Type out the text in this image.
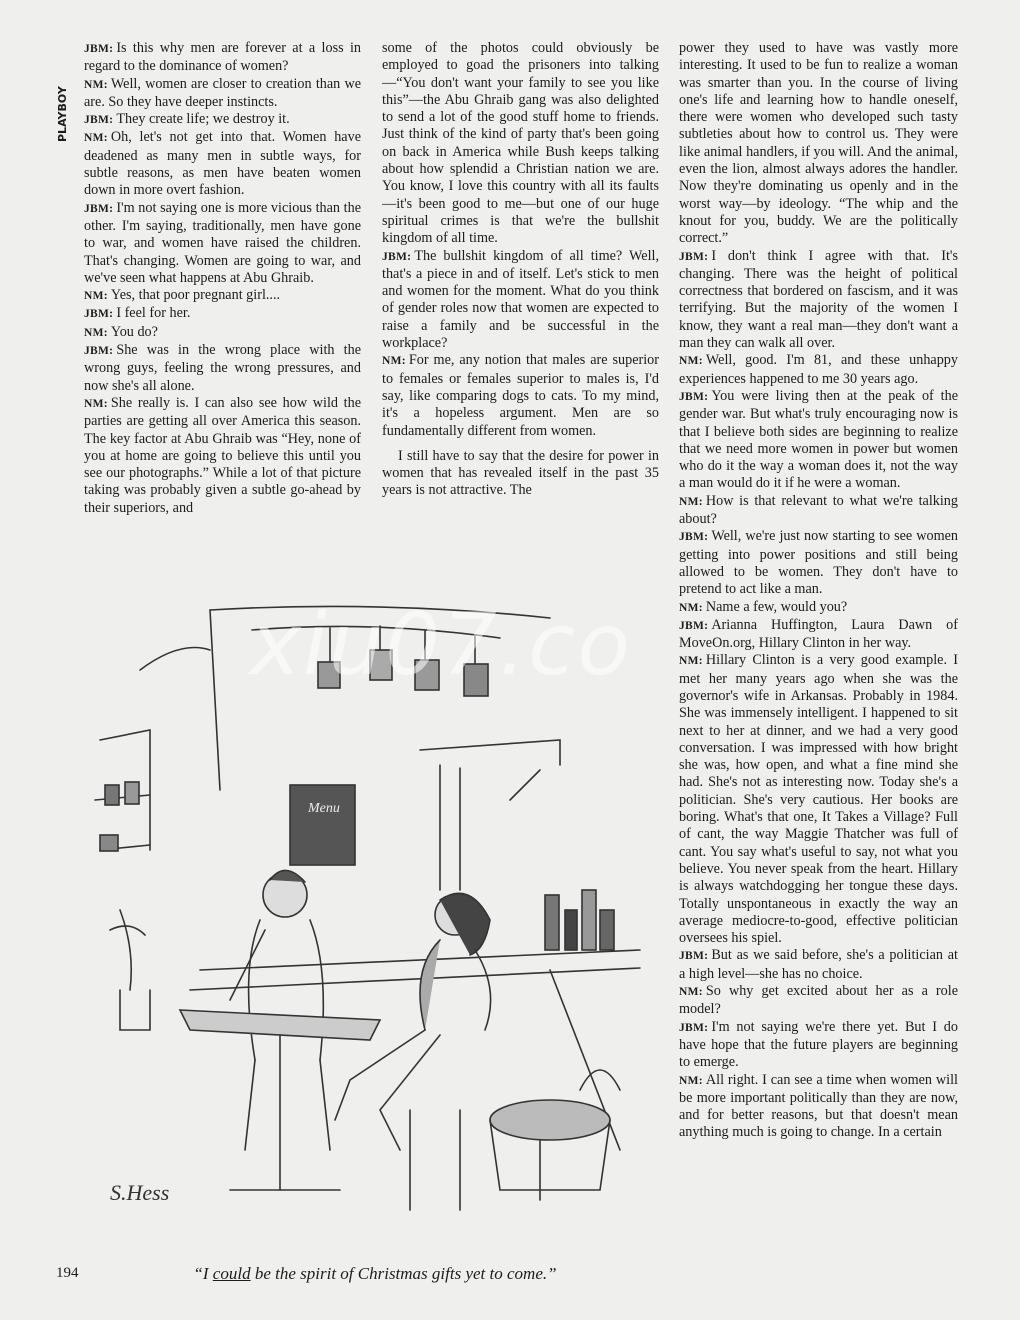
PLAYBOY

JBM: Is this why men are forever at a loss in regard to the dominance of women?

NM: Well, women are closer to creation than we are. So they have deeper instincts.

JBM: They create life; we destroy it.

NM: Oh, let's not get into that. Women have deadened as many men in subtle ways, for subtle reasons, as men have beaten women down in more overt fashion.

JBM: I'm not saying one is more vicious than the other. I'm saying, traditionally, men have gone to war, and women have raised the children. That's changing. Women are going to war, and we've seen what happens at Abu Ghraib.

NM: Yes, that poor pregnant girl....

JBM: I feel for her.

NM: You do?

JBM: She was in the wrong place with the wrong guys, feeling the wrong pressures, and now she's all alone.

NM: She really is. I can also see how wild the parties are getting all over America this season. The key factor at Abu Ghraib was “Hey, none of you at home are going to believe this until you see our photographs.” While a lot of that picture taking was probably given a subtle go-ahead by their superiors, and

some of the photos could obviously be employed to goad the prisoners into talking—“You don't want your family to see you like this”—the Abu Ghraib gang was also delighted to send a lot of the good stuff home to friends. Just think of the kind of party that's been going on back in America while Bush keeps talking about how splendid a Christian nation we are. You know, I love this country with all its faults—it's been good to me—but one of our huge spiritual crimes is that we're the bullshit kingdom of all time.

JBM: The bullshit kingdom of all time? Well, that's a piece in and of itself. Let's stick to men and women for the moment. What do you think of gender roles now that women are expected to raise a family and be successful in the workplace?

NM: For me, any notion that males are superior to females or females superior to males is, I'd say, like comparing dogs to cats. To my mind, it's a hopeless argument. Men are so fundamentally different from women.

I still have to say that the desire for power in women that has revealed itself in the past 35 years is not attractive. The

power they used to have was vastly more interesting. It used to be fun to realize a woman was smarter than you. In the course of living one's life and learning how to handle oneself, there were women who developed such tasty subtleties about how to control us. They were like animal handlers, if you will. And the animal, even the lion, almost always adores the handler. Now they're dominating us openly and in the worst way—by ideology. “The whip and the knout for you, buddy. We are the politically correct.”

JBM: I don't think I agree with that. It's changing. There was the height of political correctness that bordered on fascism, and it was terrifying. But the majority of the women I know, they want a real man—they don't want a man they can walk all over.

NM: Well, good. I'm 81, and these unhappy experiences happened to me 30 years ago.

JBM: You were living then at the peak of the gender war. But what's truly encouraging now is that I believe both sides are beginning to realize that we need more women in power but women who do it the way a woman does it, not the way a man would do it if he were a woman.

NM: How is that relevant to what we're talking about?

JBM: Well, we're just now starting to see women getting into power positions and still being allowed to be women. They don't have to pretend to act like a man.

NM: Name a few, would you?

JBM: Arianna Huffington, Laura Dawn of MoveOn.org, Hillary Clinton in her way.

NM: Hillary Clinton is a very good example. I met her many years ago when she was the governor's wife in Arkansas. Probably in 1984. She was immensely intelligent. I happened to sit next to her at dinner, and we had a very good conversation. I was impressed with how bright she was, how open, and what a fine mind she had. She's not as interesting now. Today she's a politician. She's very cautious. Her books are boring. What's that one, It Takes a Village? Full of cant, the way Maggie Thatcher was full of cant. You say what's useful to say, not what you believe. You never speak from the heart. Hillary is always watchdogging her tongue these days. Totally unspontaneous in exactly the way an average mediocre-to-good, effective politician oversees his spiel.

JBM: But as we said before, she's a politician at a high level—she has no choice.

NM: So why get excited about her as a role model?

JBM: I'm not saying we're there yet. But I do have hope that the future players are beginning to emerge.

NM: All right. I can see a time when women will be more important politically than they are now, and for better reasons, but that doesn't mean anything much is going to change. In a certain

Menu
S.Hess
xiu07.co
194	“I could be the spirit of Christmas gifts yet to come.”
